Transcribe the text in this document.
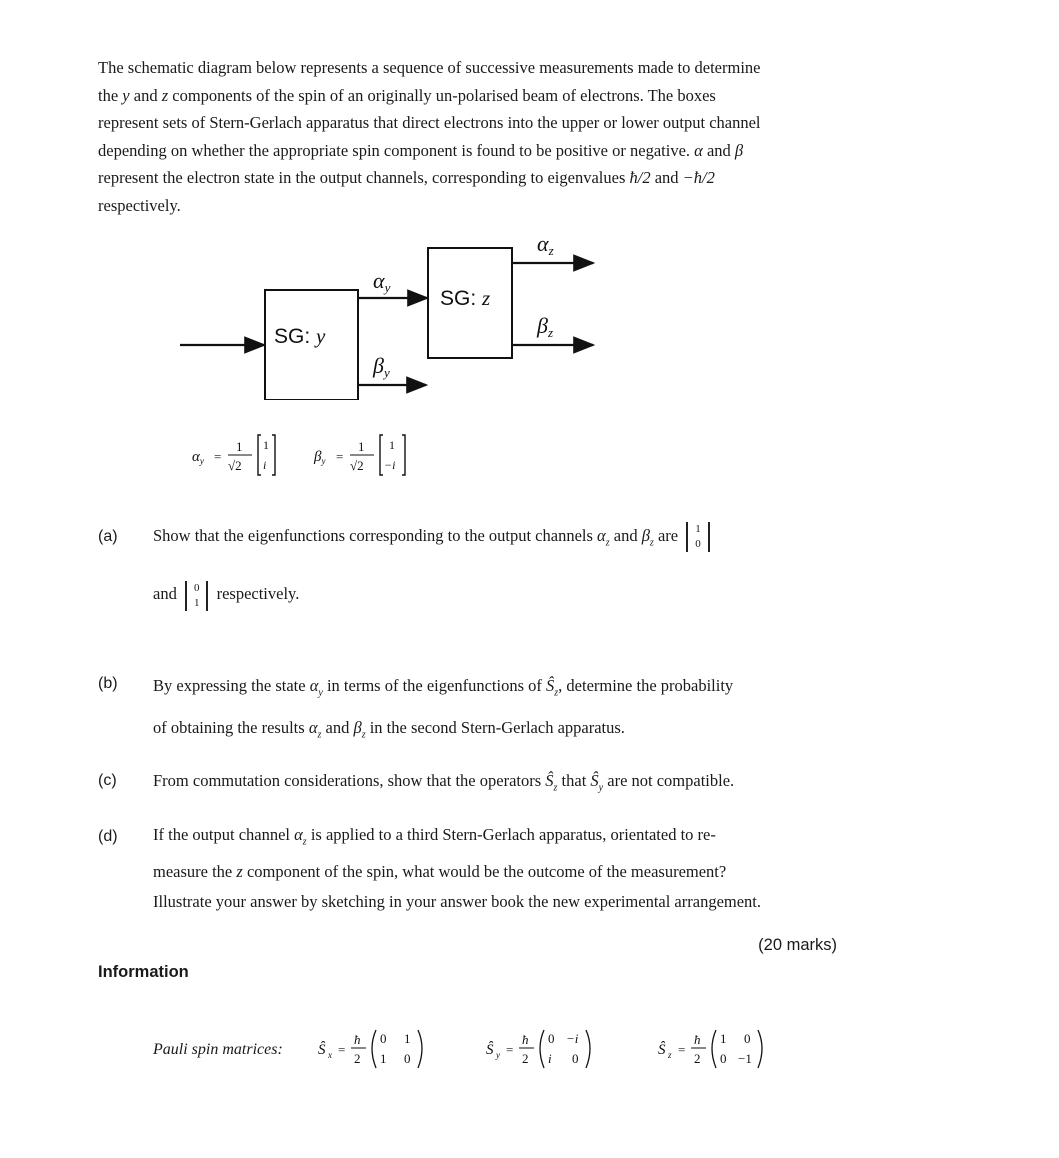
The schematic diagram below represents a sequence of successive measurements made to determine
the y and z components of the spin of an originally un-polarised beam of electrons. The boxes
represent sets of Stern-Gerlach apparatus that direct electrons into the upper or lower output channel
depending on whether the appropriate spin component is found to be positive or negative. α and β
represent the electron state in the output channels, corresponding to eigenvalues ħ/2 and −ħ/2
respectively.
SG: y
SG: z
αy
βy
αz
βz
$\alpha_y$ =
1
√2
1
i	$\beta_y$ =
1
√2
1
−i
(a) Show that the eigenfunctions corresponding to the output channels $\alpha_z$ and $\beta_z$ are 1
0
and 0
1 respectively.
(b) By expressing the state $\alpha_y$ in terms of the eigenfunctions of $Ŝ_z$, determine the probability
of obtaining the results $\alpha_z$ and $\beta_z$ in the second Stern-Gerlach apparatus.
(c) From commutation considerations, show that the operators $Ŝ_z$ that $Ŝ_y$ are not compatible.
(d) If the output channel $\alpha_z$ is applied to a third Stern-Gerlach apparatus, orientated to re-
measure the z component of the spin, what would be the outcome of the measurement?
Illustrate your answer by sketching in your answer book the new experimental arrangement.
(20 marks)
Information
Pauli spin matrices: Ŝ x =
ħ
2
0 1
1 0
Ŝ y =
ħ
2
0 −i
i 0
Ŝ z =
ħ
2
1 0
0 −1
